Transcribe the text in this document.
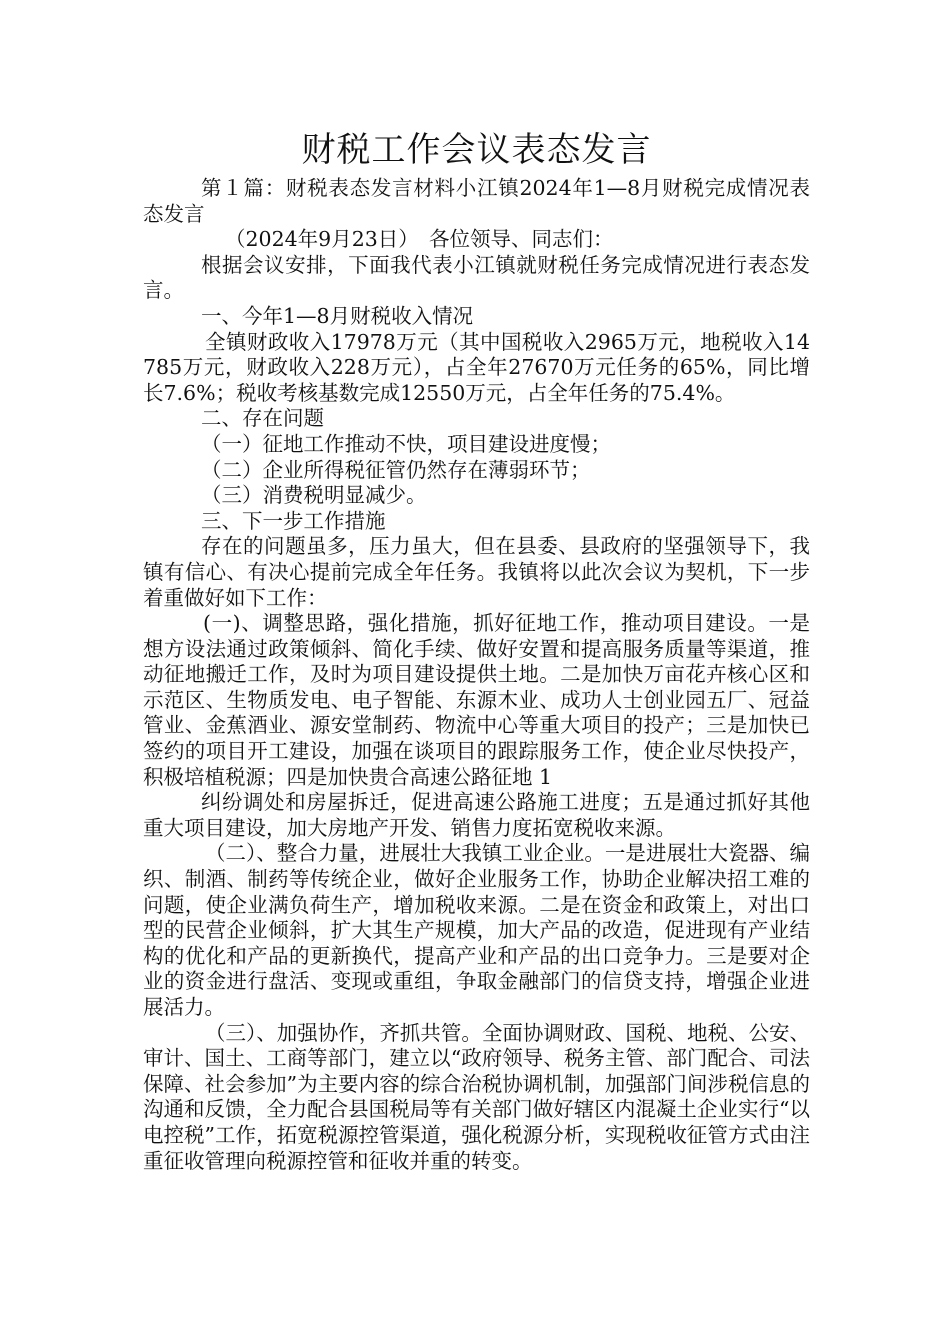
财税工作会议表态发言

第１篇：财税表态发言材料小江镇2024年1—8月财税完成情况表态发言

（2024年9月23日）　各位领导、同志们：

根据会议安排，下面我代表小江镇就财税任务完成情况进行表态发言。

一、今年1—8月财税收入情况

全镇财政收入17978万元（其中国税收入2965万元，地税收入14785万元，财政收入228万元），占全年27670万元任务的65%，同比增长7.6%；税收考核基数完成12550万元，占全年任务的75.4%。

二、存在问题

（一）征地工作推动不快，项目建设进度慢；

（二）企业所得税征管仍然存在薄弱环节；

（三）消费税明显减少。

三、下一步工作措施

存在的问题虽多，压力虽大，但在县委、县政府的坚强领导下，我镇有信心、有决心提前完成全年任务。我镇将以此次会议为契机，下一步着重做好如下工作：

(一)、调整思路，强化措施，抓好征地工作，推动项目建设。一是想方设法通过政策倾斜、简化手续、做好安置和提高服务质量等渠道，推动征地搬迁工作，及时为项目建设提供土地。二是加快万亩花卉核心区和示范区、生物质发电、电子智能、东源木业、成功人士创业园五厂、冠益管业、金蕉酒业、源安堂制药、物流中心等重大项目的投产；三是加快已签约的项目开工建设，加强在谈项目的跟踪服务工作，使企业尽快投产，积极培植税源；四是加快贵合高速公路征地 1

纠纷调处和房屋拆迁，促进高速公路施工进度；五是通过抓好其他重大项目建设，加大房地产开发、销售力度拓宽税收来源。

（二）、整合力量，进展壮大我镇工业企业。一是进展壮大瓷器、编织、制酒、制药等传统企业，做好企业服务工作，协助企业解决招工难的问题，使企业满负荷生产，增加税收来源。二是在资金和政策上，对出口型的民营企业倾斜，扩大其生产规模，加大产品的改造，促进现有产业结构的优化和产品的更新换代，提高产业和产品的出口竞争力。三是要对企业的资金进行盘活、变现或重组，争取金融部门的信贷支持，增强企业进展活力。

（三）、加强协作，齐抓共管。全面协调财政、国税、地税、公安、审计、国土、工商等部门，建立以“政府领导、税务主管、部门配合、司法保障、社会参加”为主要内容的综合治税协调机制，加强部门间涉税信息的沟通和反馈，全力配合县国税局等有关部门做好辖区内混凝土企业实行“以电控税”工作，拓宽税源控管渠道，强化税源分析，实现税收征管方式由注重征收管理向税源控管和征收并重的转变。
